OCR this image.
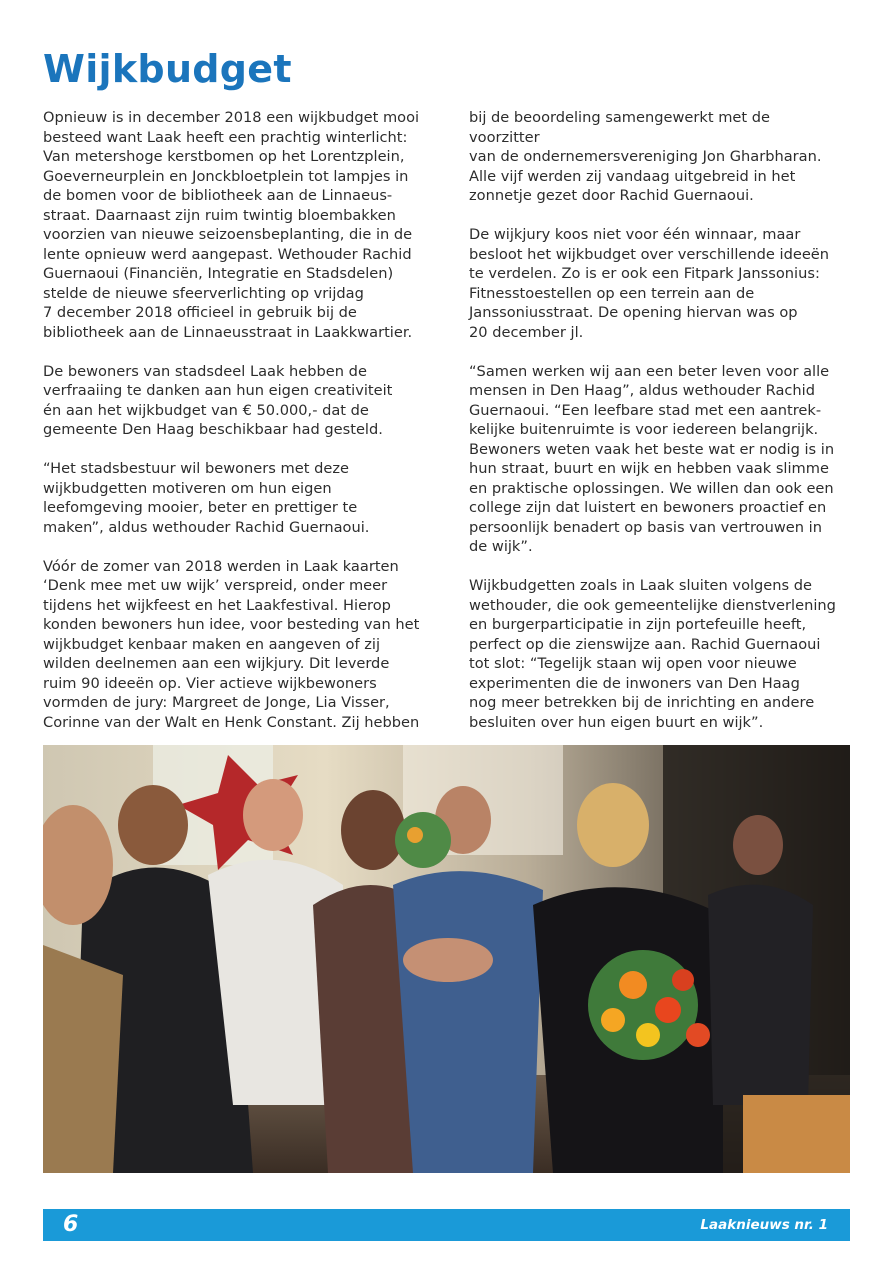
Wijkbudget

Opnieuw is in december 2018 een wijkbudget mooi
besteed want Laak heeft een prachtig winterlicht:
Van metershoge kerstbomen op het Lorentzplein,
Goeverneurplein en Jonckbloetplein tot lampjes in
de bomen voor de bibliotheek aan de Linnaeus-
straat. Daarnaast zijn ruim twintig bloembakken
voorzien van nieuwe seizoensbeplanting, die in de
lente opnieuw werd aangepast. Wethouder Rachid
Guernaoui (Financiën, Integratie en Stadsdelen)
stelde de nieuwe sfeerverlichting op vrijdag
7 december 2018 officieel in gebruik bij de
bibliotheek aan de Linnaeusstraat in Laakkwartier.

De bewoners van stadsdeel Laak hebben de
verfraaiing te danken aan hun eigen creativiteit
én aan het wijkbudget van € 50.000,- dat de
gemeente Den Haag beschikbaar had gesteld.

“Het stadsbestuur wil bewoners met deze
wijkbudgetten motiveren om hun eigen
leefomgeving mooier, beter en prettiger te
maken”, aldus wethouder Rachid Guernaoui.

Vóór de zomer van 2018 werden in Laak kaarten
‘Denk mee met uw wijk’ verspreid, onder meer
tijdens het wijkfeest en het Laakfestival. Hierop
konden bewoners hun idee, voor besteding van het
wijkbudget kenbaar maken en aangeven of zij
wilden deelnemen aan een wijkjury. Dit leverde
ruim 90 ideeën op. Vier actieve wijkbewoners
vormden de jury: Margreet de Jonge, Lia Visser,
Corinne van der Walt en Henk Constant. Zij hebben

bij de beoordeling samengewerkt met de voorzitter
van de ondernemersvereniging Jon Gharbharan.
Alle vijf werden zij vandaag uitgebreid in het
zonnetje gezet door Rachid Guernaoui.

De wijkjury koos niet voor één winnaar, maar
besloot het wijkbudget over verschillende ideeën
te verdelen. Zo is er ook een Fitpark Janssonius:
Fitnesstoestellen op een terrein aan de
Janssoniusstraat. De opening hiervan was op
20 december jl.

“Samen werken wij aan een beter leven voor alle
mensen in Den Haag”, aldus wethouder Rachid
Guernaoui. “Een leefbare stad met een aantrek-
kelijke buitenruimte is voor iedereen belangrijk.
Bewoners weten vaak het beste wat er nodig is in
hun straat, buurt en wijk en hebben vaak slimme
en praktische oplossingen. We willen dan ook een
college zijn dat luistert en bewoners proactief en
persoonlijk benadert op basis van vertrouwen in
de wijk”.

Wijkbudgetten zoals in Laak sluiten volgens de
wethouder, die ook gemeentelijke dienstverlening
en burgerparticipatie in zijn portefeuille heeft,
perfect op die zienswijze aan. Rachid Guernaoui
tot slot: “Tegelijk staan wij open voor nieuwe
experimenten die de inwoners van Den Haag
nog meer betrekken bij de inrichting en andere
besluiten over hun eigen buurt en wijk”.

6	Laaknieuws nr. 1
